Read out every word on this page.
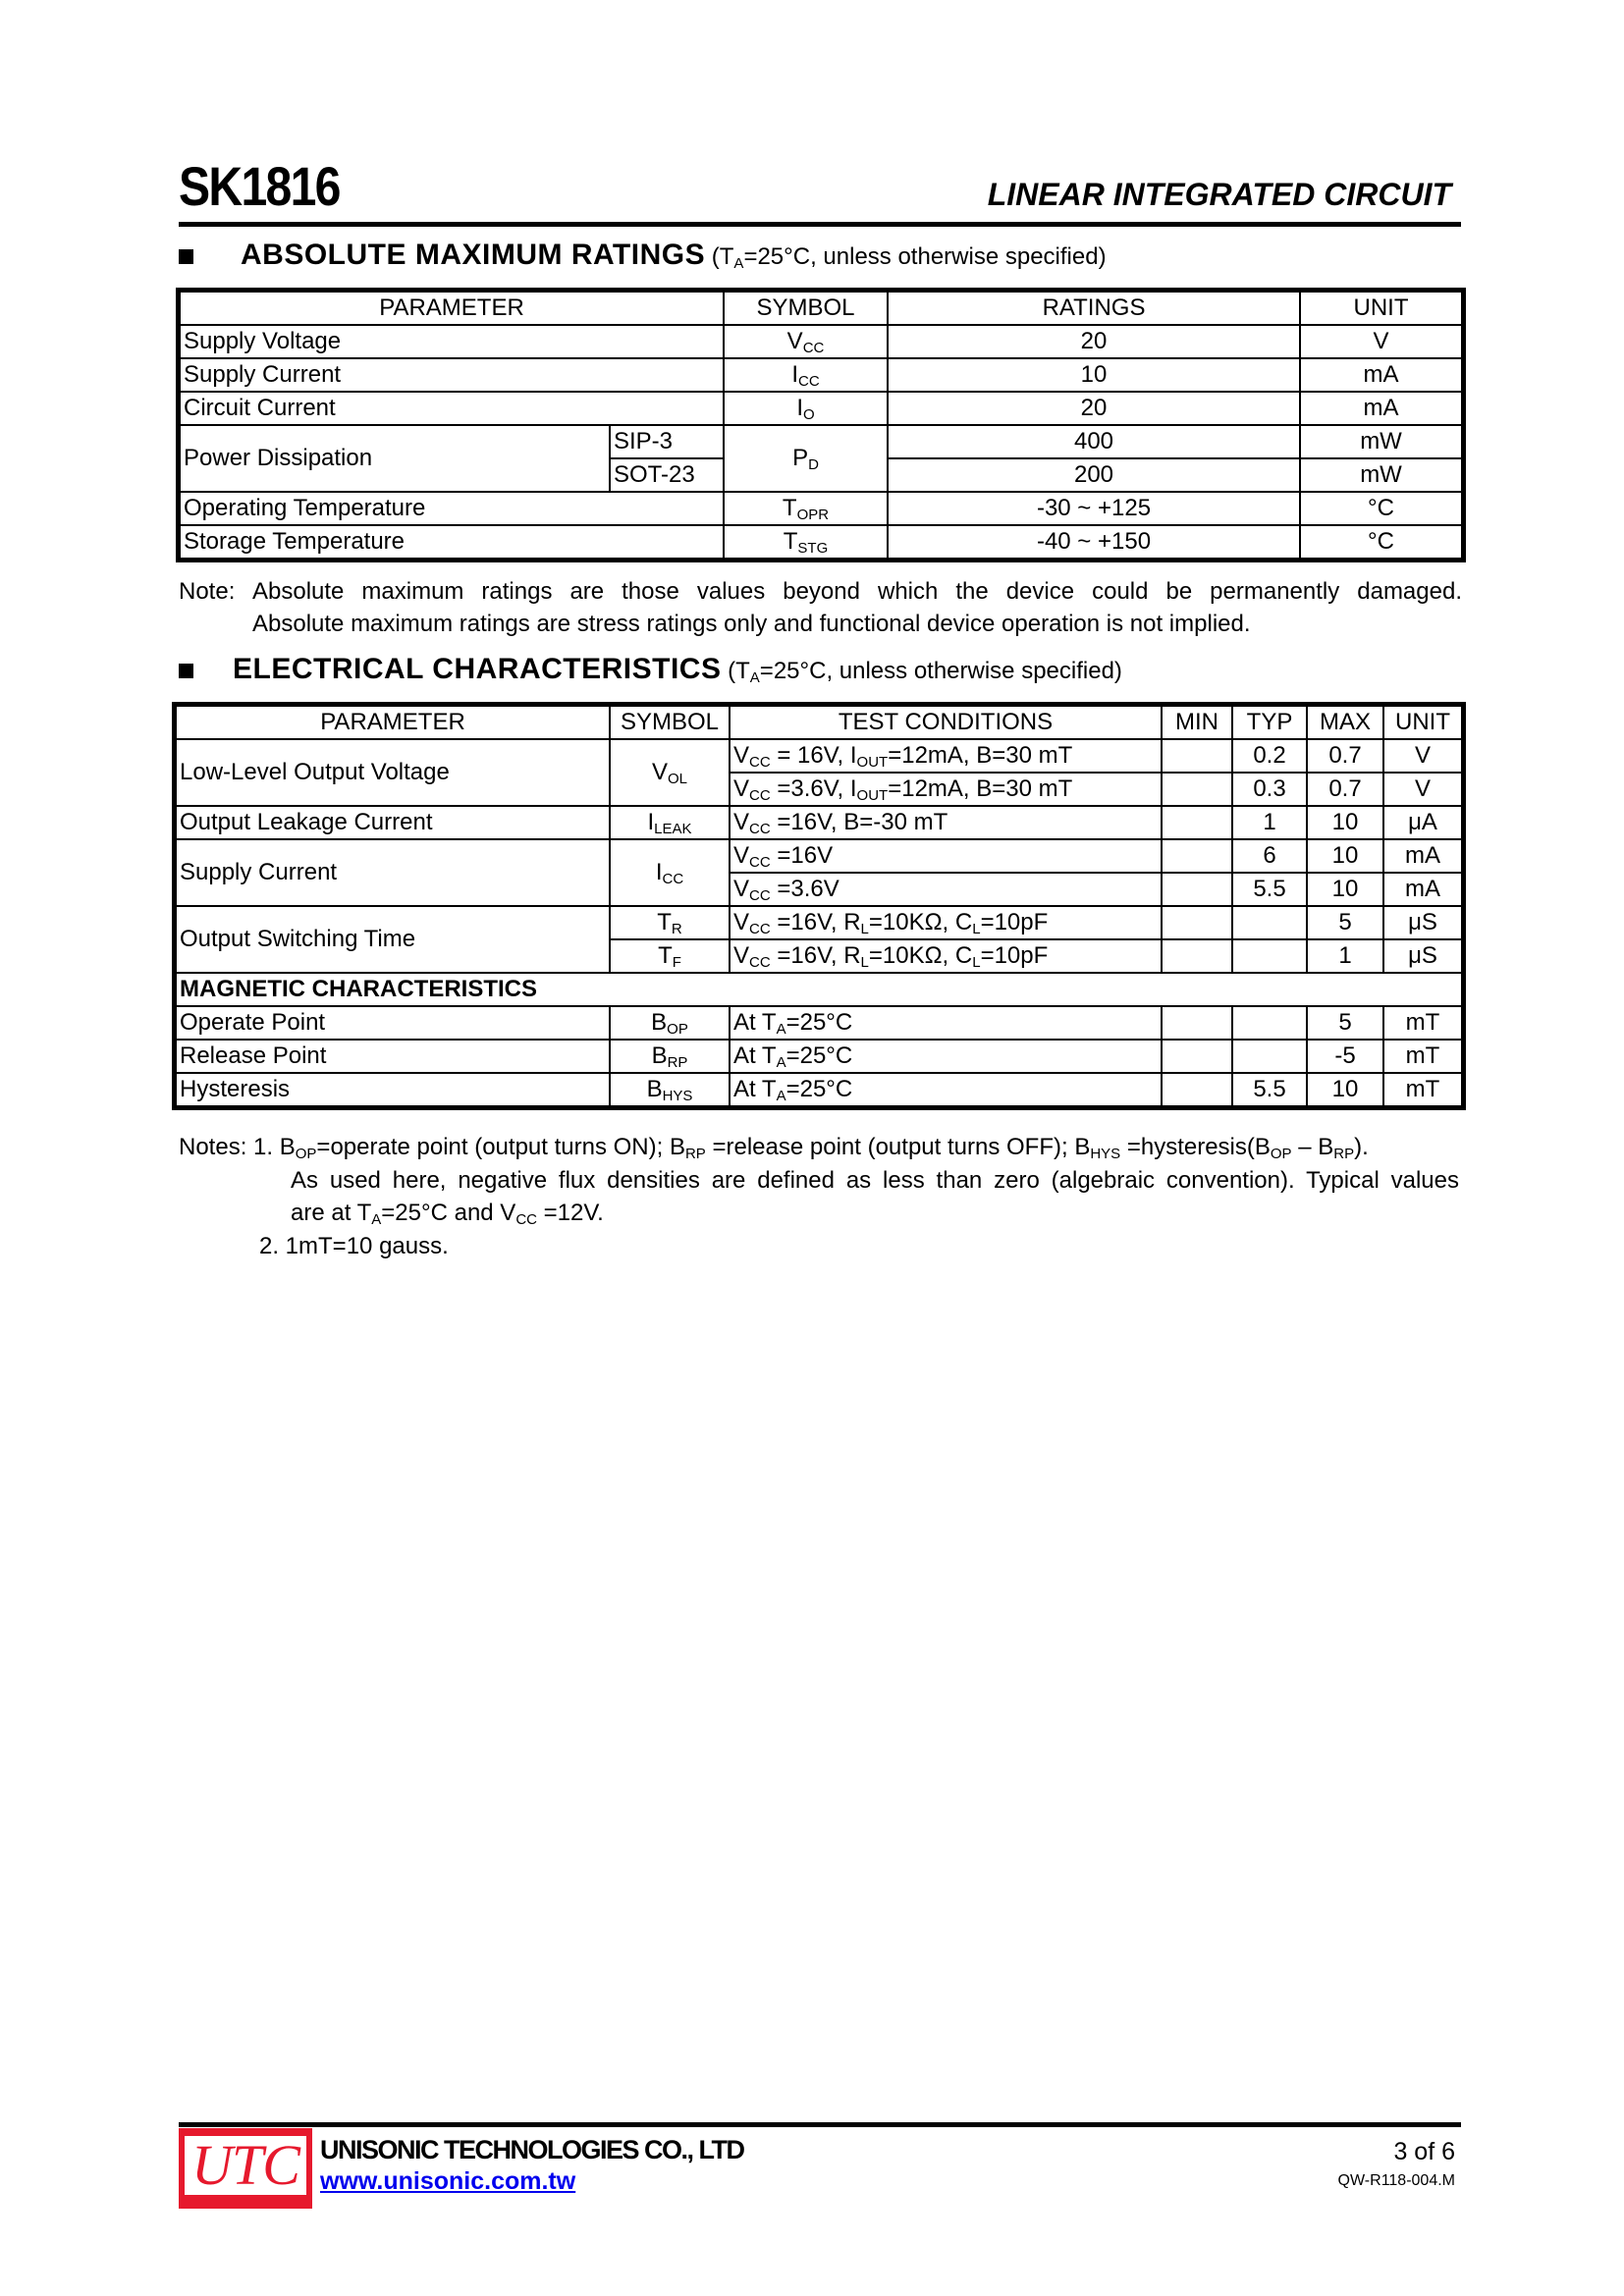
SK1816	LINEAR INTEGRATED CIRCUIT
ABSOLUTE MAXIMUM RATINGS ($T_A=25^\circ C$, unless otherwise specified)
PARAMETER		SYMBOL	RATINGS	UNIT
Supply Voltage		$V_{CC}$	20	V
Supply Current		$I_{CC}$	10	mA
Circuit Current		$I_O$	20	mA
Power Dissipation	SIP-3	$P_D$	400	mW
	SOT-23		200	mW
Operating Temperature		$T_{OPR}$	-30 ~ +125	°C
Storage Temperature		$T_{STG}$	-40 ~ +150	°C
Note: Absolute maximum ratings are those values beyond which the device could be permanently damaged.
Absolute maximum ratings are stress ratings only and functional device operation is not implied.
ELECTRICAL CHARACTERISTICS ($T_A=25^\circ C$, unless otherwise specified)
PARAMETER	SYMBOL	TEST CONDITIONS	MIN	TYP	MAX	UNIT
Low-Level Output Voltage	$V_{OL}$	$V_{CC} = 16V$, $I_{OUT}=12mA$, B=30 mT		0.2	0.7	V
		$V_{CC} =3.6V$, $I_{OUT}=12mA$, B=30 mT		0.3	0.7	V
Output Leakage Current	$I_{LEAK}$	$V_{CC} =16V$, B=-30 mT		1	10	μA
Supply Current	$I_{CC}$	$V_{CC} =16V$		6	10	mA
		$V_{CC} =3.6V$		5.5	10	mA
Output Switching Time	$T_R$	$V_{CC} =16V$, $R_L=10K\Omega$, $C_L=10pF$			5	μS
	$T_F$	$V_{CC} =16V$, $R_L=10K\Omega$, $C_L=10pF$			1	μS
MAGNETIC CHARACTERISTICS						
Operate Point	$B_{OP}$	At $T_A=25^\circ C$			5	mT
Release Point	$B_{RP}$	At $T_A=25^\circ C$			-5	mT
Hysteresis	$B_{HYS}$	At $T_A=25^\circ C$		5.5	10	mT
Notes: 1. $B_{OP}=operate$ point (output turns ON); $B_{RP}$ =release point (output turns OFF); $B_{HYS}$ $=hysteresis(B_{OP} - B_{RP})$.
As used here, negative flux densities are defined as less than zero (algebraic convention). Typical values
are at $T_A=25^\circ C$ and $V_{CC} =12V$.
2. 1mT=10 gauss.
UTC UNISONIC TECHNOLOGIES CO., LTD
www.unisonic.com.tw
3 of 6
QW-R118-004.M
